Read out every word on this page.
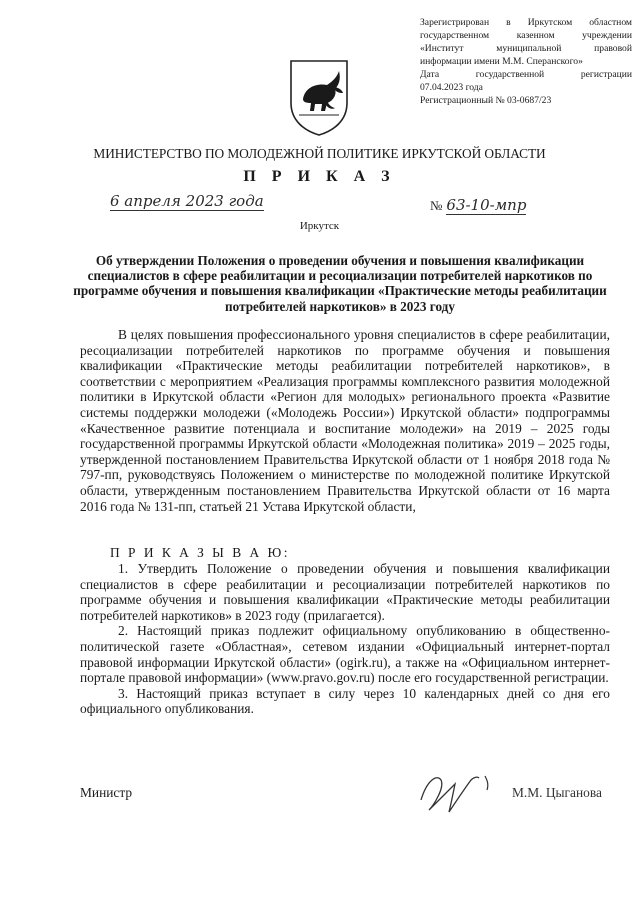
Зарегистрирован в Иркутском областном
государственном казенном учреждении
«Институт муниципальной правовой
информации имени М.М. Сперанского»
Дата государственной регистрации
07.04.2023 года
Регистрационный № 03-0687/23
МИНИСТЕРСТВО ПО МОЛОДЕЖНОЙ ПОЛИТИКЕ ИРКУТСКОЙ ОБЛАСТИ
П Р И К А З
6 апреля 2023 года	№ 63-10-мпр
Иркутск
Об утверждении Положения о проведении обучения и повышения квалификации специалистов в сфере реабилитации и ресоциализации потребителей наркотиков по программе обучения и повышения квалификации «Практические методы реабилитации потребителей наркотиков» в 2023 году

В целях повышения профессионального уровня специалистов в сфере реабилитации, ресоциализации потребителей наркотиков по программе обучения и повышения квалификации «Практические методы реабилитации потребителей наркотиков», в соответствии с мероприятием «Реализация программы комплексного развития молодежной политики в Иркутской области «Регион для молодых» регионального проекта «Развитие системы поддержки молодежи («Молодежь России») Иркутской области» подпрограммы «Качественное развитие потенциала и воспитание молодежи» на 2019 – 2025 годы государственной программы Иркутской области «Молодежная политика» 2019 – 2025 годы, утвержденной постановлением Правительства Иркутской области от 1 ноября 2018 года № 797-пп, руководствуясь Положением о министерстве по молодежной политике Иркутской области, утвержденным постановлением Правительства Иркутской области от 16 марта 2016 года № 131-пп, статьей 21 Устава Иркутской области,

П Р И К А З Ы В А Ю:

1. Утвердить Положение о проведении обучения и повышения квалификации специалистов в сфере реабилитации и ресоциализации потребителей наркотиков по программе обучения и повышения квалификации «Практические методы реабилитации потребителей наркотиков» в 2023 году (прилагается).

2. Настоящий приказ подлежит официальному опубликованию в общественно-политической газете «Областная», сетевом издании «Официальный интернет-портал правовой информации Иркутской области» (ogirk.ru), а также на «Официальном интернет-портале правовой информации» (www.pravo.gov.ru) после его государственной регистрации.

3. Настоящий приказ вступает в силу через 10 календарных дней со дня его официального опубликования.

Министр	М.М. Цыганова
